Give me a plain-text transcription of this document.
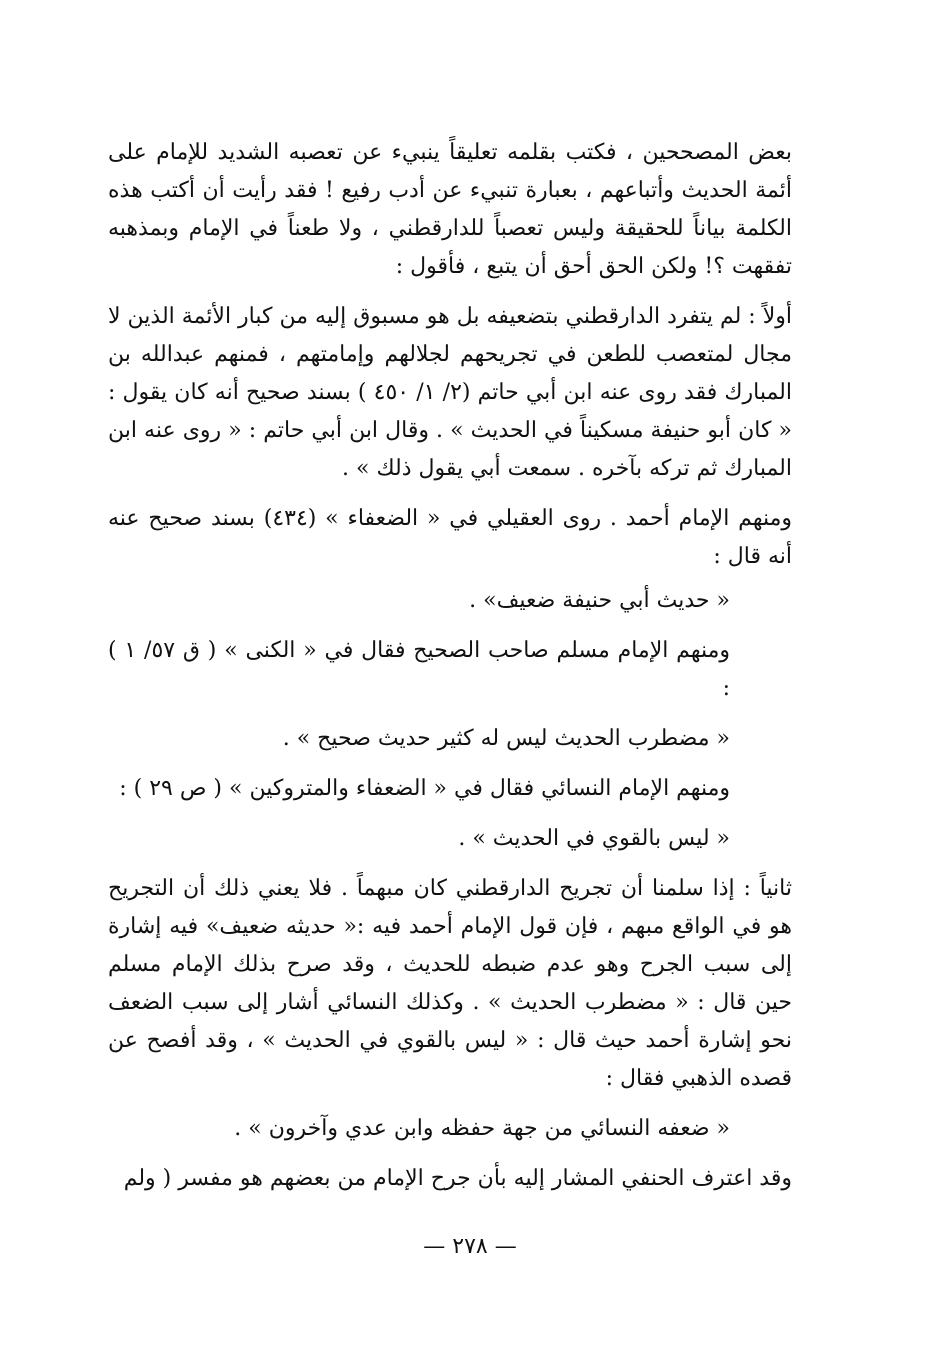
بعض المصححين ، فكتب بقلمه تعليقاً ينبيء عن تعصبه الشديد للإمام على أئمة الحديث وأتباعهم ، بعبارة تنبيء عن أدب رفيع ! فقد رأيت أن أكتب هذه الكلمة بياناً للحقيقة وليس تعصباً للدارقطني ، ولا طعناً في الإمام وبمذهبه تفقهت ؟! ولكن الحق أحق أن يتبع ، فأقول :

أولاً : لم يتفرد الدارقطني بتضعيفه بل هو مسبوق إليه من كبار الأئمة الذين لا مجال لمتعصب للطعن في تجريحهم لجلالهم وإمامتهم ، فمنهم عبدالله بن المبارك فقد روى عنه ابن أبي حاتم (٢/ ١/ ٤٥٠ ) بسند صحيح أنه كان يقول : « كان أبو حنيفة مسكيناً في الحديث » . وقال ابن أبي حاتم : « روى عنه ابن المبارك ثم تركه بآخره . سمعت أبي يقول ذلك » .

ومنهم الإمام أحمد . روى العقيلي في « الضعفاء » (٤٣٤) بسند صحيح عنه أنه قال :

« حديث أبي حنيفة ضعيف» .

ومنهم الإمام مسلم صاحب الصحيح فقال في « الكنى » ( ق ٥٧/ ١ ) :

« مضطرب الحديث ليس له كثير حديث صحيح » .

ومنهم الإمام النسائي فقال في « الضعفاء والمتروكين » ( ص ٢٩ ) :

« ليس بالقوي في الحديث » .

ثانياً : إذا سلمنا أن تجريح الدارقطني كان مبهماً . فلا يعني ذلك أن التجريح هو في الواقع مبهم ، فإن قول الإمام أحمد فيه :« حديثه ضعيف» فيه إشارة إلى سبب الجرح وهو عدم ضبطه للحديث ، وقد صرح بذلك الإمام مسلم حين قال : « مضطرب الحديث » . وكذلك النسائي أشار إلى سبب الضعف نحو إشارة أحمد حيث قال : « ليس بالقوي في الحديث » ، وقد أفصح عن قصده الذهبي فقال :

« ضعفه النسائي من جهة حفظه وابن عدي وآخرون » .

وقد اعترف الحنفي المشار إليه بأن جرح الإمام من بعضهم هو مفسر ( ولم

— ٢٧٨ —
